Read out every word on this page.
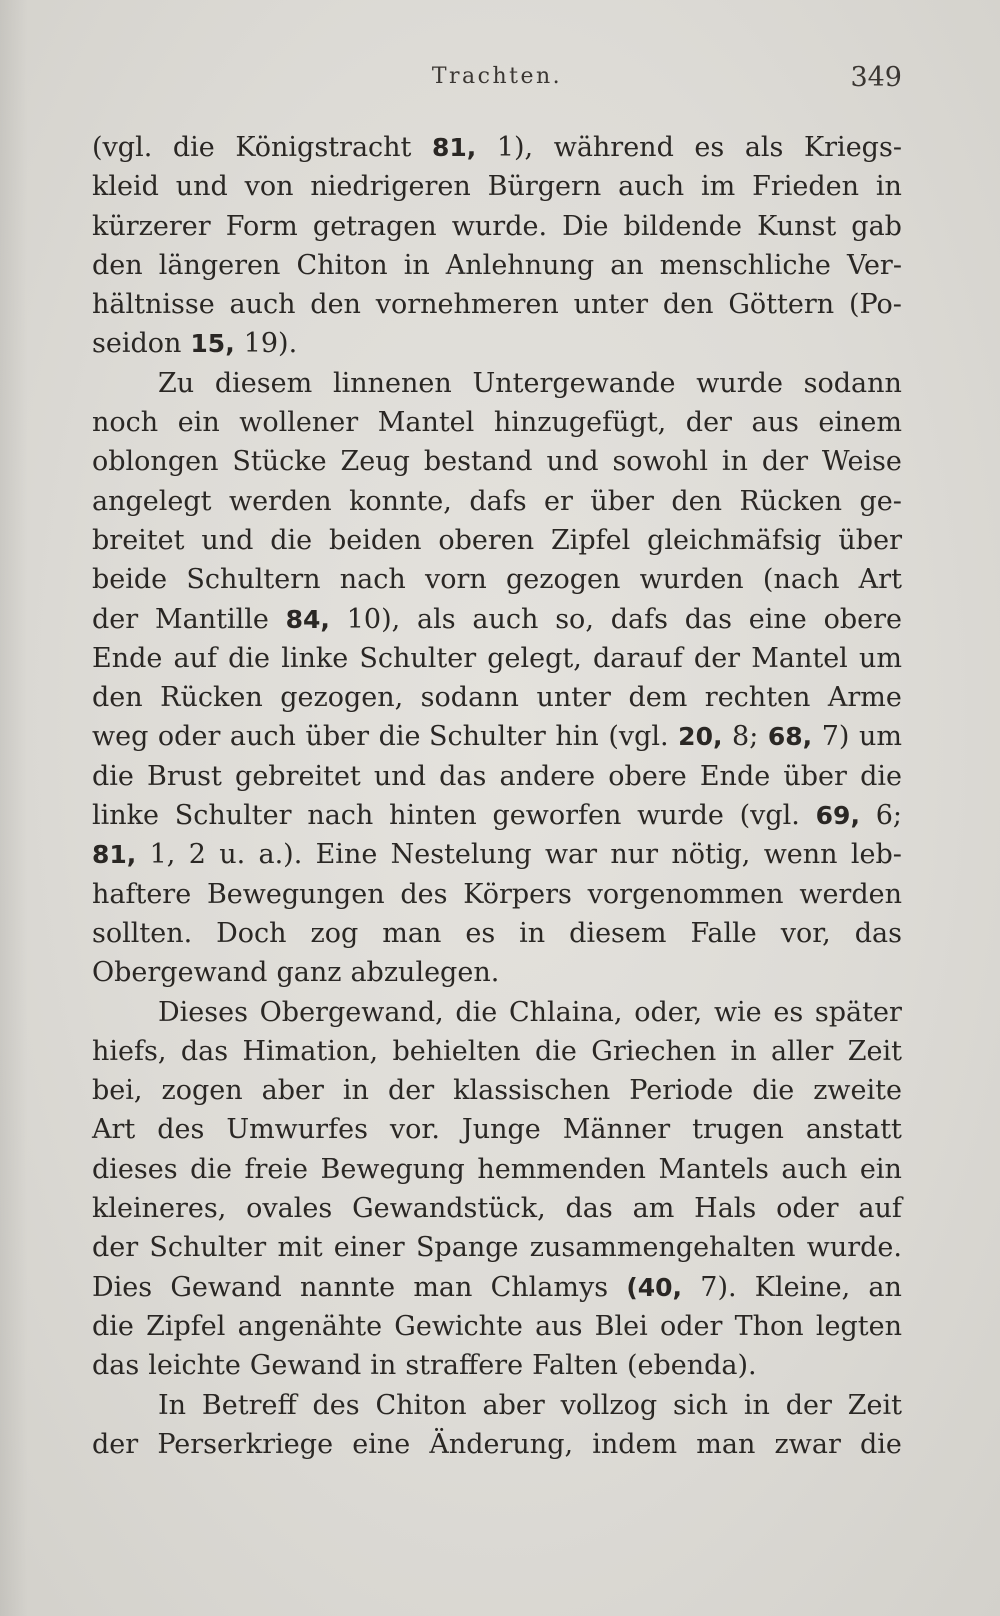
Trachten.	349
(vgl. die Königstracht 81, 1), während es als Kriegs-
kleid und von niedrigeren Bürgern auch im Frieden in
kürzerer Form getragen wurde. Die bildende Kunst gab
den längeren Chiton in Anlehnung an menschliche Ver-
hältnisse auch den vornehmeren unter den Göttern (Po-
seidon 15, 19).
Zu diesem linnenen Untergewande wurde sodann
noch ein wollener Mantel hinzugefügt, der aus einem
oblongen Stücke Zeug bestand und sowohl in der Weise
angelegt werden konnte, dafs er über den Rücken ge-
breitet und die beiden oberen Zipfel gleichmäfsig über
beide Schultern nach vorn gezogen wurden (nach Art
der Mantille 84, 10), als auch so, dafs das eine obere
Ende auf die linke Schulter gelegt, darauf der Mantel um
den Rücken gezogen, sodann unter dem rechten Arme
weg oder auch über die Schulter hin (vgl. 20, 8; 68, 7) um
die Brust gebreitet und das andere obere Ende über die
linke Schulter nach hinten geworfen wurde (vgl. 69, 6;
81, 1, 2 u. a.). Eine Nestelung war nur nötig, wenn leb-
haftere Bewegungen des Körpers vorgenommen werden
sollten. Doch zog man es in diesem Falle vor, das
Obergewand ganz abzulegen.
Dieses Obergewand, die Chlaina, oder, wie es später
hiefs, das Himation, behielten die Griechen in aller Zeit
bei, zogen aber in der klassischen Periode die zweite
Art des Umwurfes vor. Junge Männer trugen anstatt
dieses die freie Bewegung hemmenden Mantels auch ein
kleineres, ovales Gewandstück, das am Hals oder auf
der Schulter mit einer Spange zusammengehalten wurde.
Dies Gewand nannte man Chlamys (40, 7). Kleine, an
die Zipfel angenähte Gewichte aus Blei oder Thon legten
das leichte Gewand in straffere Falten (ebenda).
In Betreff des Chiton aber vollzog sich in der Zeit
der Perserkriege eine Änderung, indem man zwar die
